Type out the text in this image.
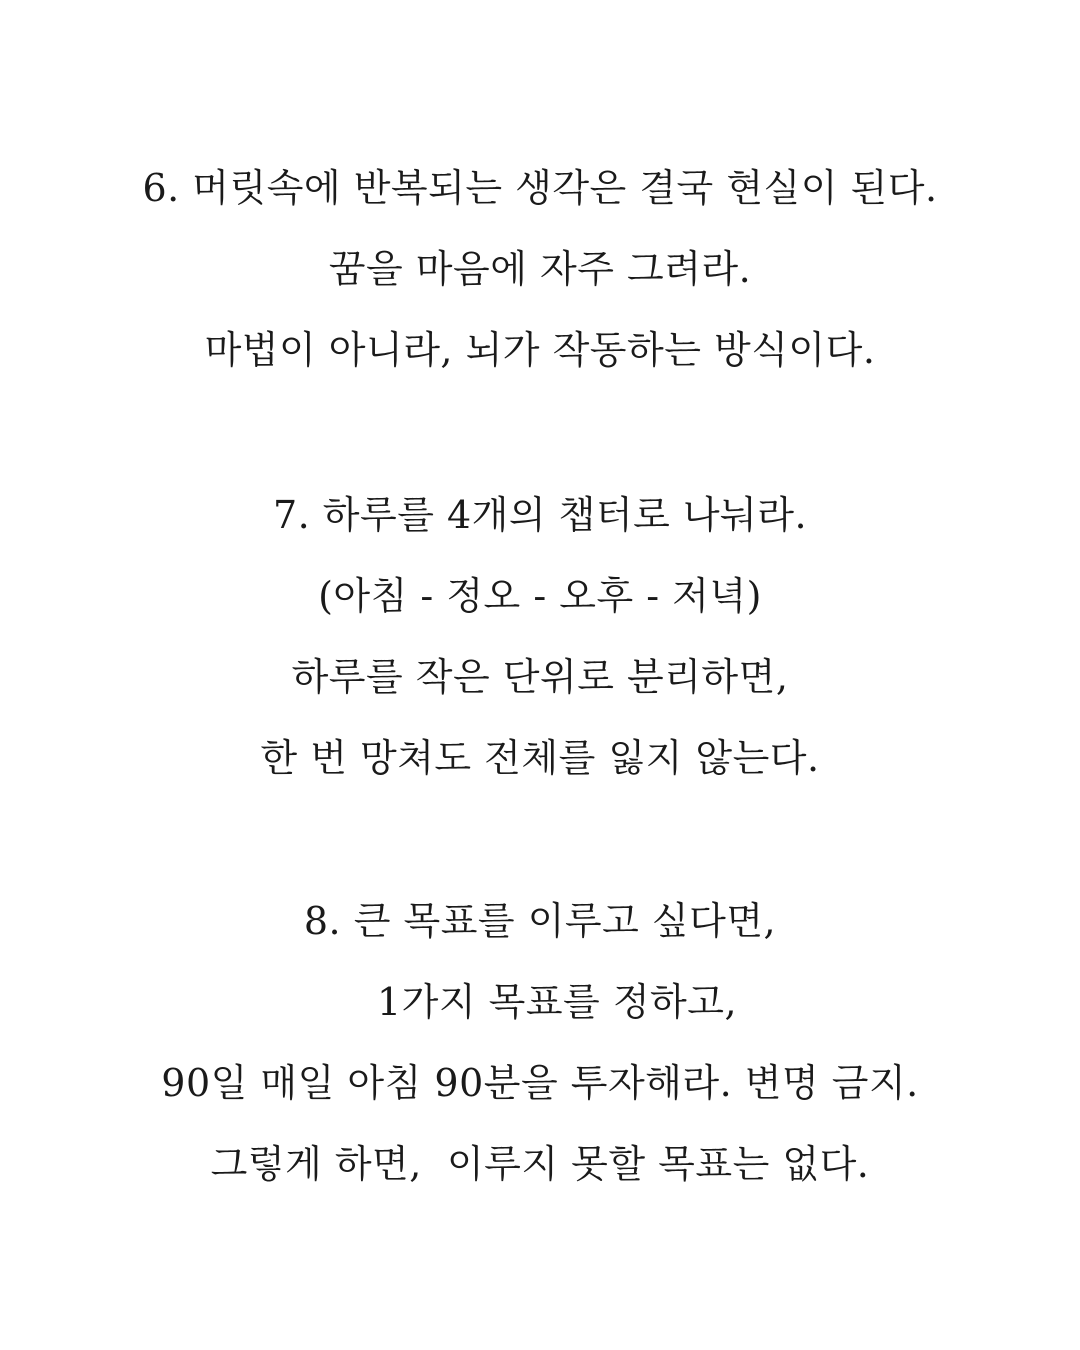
6. 머릿속에 반복되는 생각은 결국 현실이 된다.
꿈을 마음에 자주 그려라.
마법이 아니라, 뇌가 작동하는 방식이다.
7. 하루를 4개의 챕터로 나눠라.
(아침 - 정오 - 오후 - 저녁)
하루를 작은 단위로 분리하면,
한 번 망쳐도 전체를 잃지 않는다.
8. 큰 목표를 이루고 싶다면,
1가지 목표를 정하고,
90일 매일 아침 90분을 투자해라. 변명 금지.
그렇게 하면,  이루지 못할 목표는 없다.
